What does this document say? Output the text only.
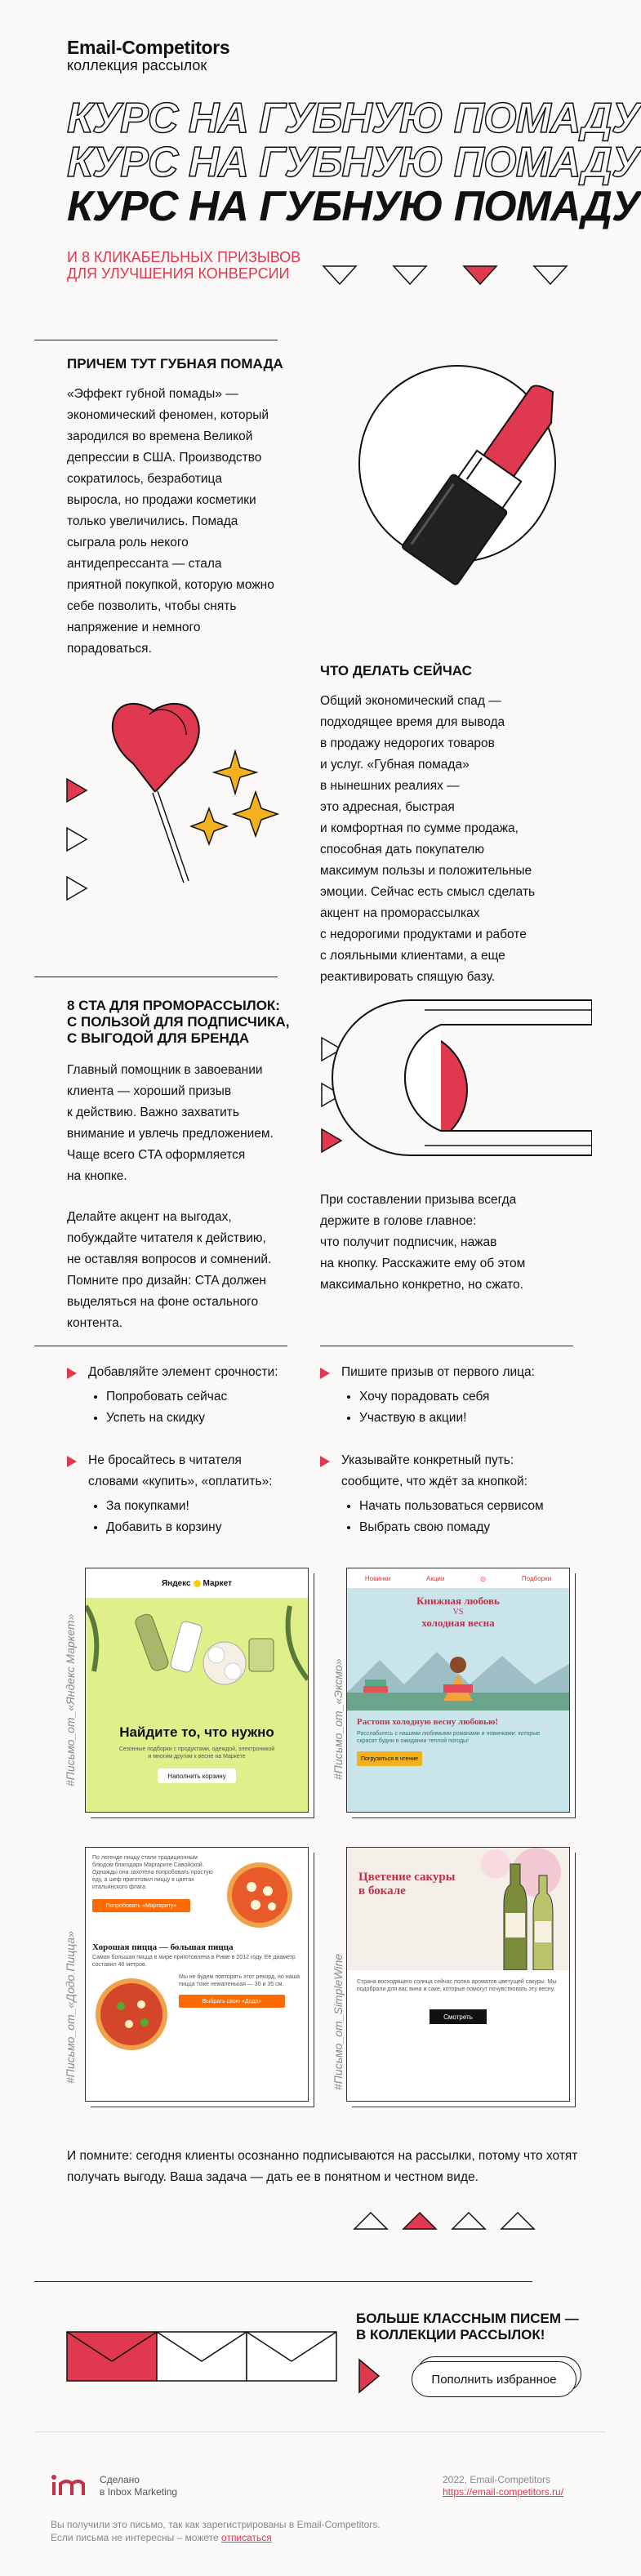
Email-Competitors
коллекция рассылок
КУРС НА ГУБНУЮ ПОМАДУ
КУРС НА ГУБНУЮ ПОМАДУ
КУРС НА ГУБНУЮ ПОМАДУ
И 8 КЛИКАБЕЛЬНЫХ ПРИЗЫВОВ
ДЛЯ УЛУЧШЕНИЯ КОНВЕРСИИ
ПРИЧЕМ ТУТ ГУБНАЯ ПОМАДА
«Эффект губной помады» —
экономический феномен, который
зародился во времена Великой
депрессии в США. Производство
сократилось, безработица
выросла, но продажи косметики
только увеличились. Помада
сыграла роль некого
антидепрессанта — стала
приятной покупкой, которую можно
себе позволить, чтобы снять
напряжение и немного
порадоваться.
ЧТО ДЕЛАТЬ СЕЙЧАС
Общий экономический спад —
подходящее время для вывода
в продажу недорогих товаров
и услуг. «Губная помада»
в нынешних реалиях —
это адресная, быстрая
и комфортная по сумме продажа,
способная дать покупателю
максимум пользы и положительные
эмоции. Сейчас есть смысл сделать
акцент на проморассылках
с недорогими продуктами и работе
с лояльными клиентами, а еще
реактивировать спящую базу.
8 CTA ДЛЯ ПРОМОРАССЫЛОК:
С ПОЛЬЗОЙ ДЛЯ ПОДПИСЧИКА,
С ВЫГОДОЙ ДЛЯ БРЕНДА
Главный помощник в завоевании
клиента — хороший призыв
к действию. Важно захватить
внимание и увлечь предложением.
Чаще всего CTA оформляется
на кнопке.
Делайте акцент на выгодах,
побуждайте читателя к действию,
не оставляя вопросов и сомнений.
Помните про дизайн: CTA должен
выделяться на фоне остального
контента.
При составлении призыва всегда
держите в голове главное:
что получит подписчик, нажав
на кнопку. Расскажите ему об этом
максимально конкретно, но сжато.
Добавляйте элемент срочности:
• Попробовать сейчас
• Успеть на скидку
Пишите призыв от первого лица:
• Хочу порадовать себя
• Участвую в акции!
Не бросайтесь в читателя
словами «купить», «оплатить»:
• За покупками!
• Добавить в корзину
Указывайте конкретный путь:
сообщите, что ждёт за кнопкой:
• Начать пользоваться сервисом
• Выбрать свою помаду
#Письмо_от_«Яндекс Маркет»
Яндекс Маркет
Найдите то, что нужно
Сезонные подборки с продуктами, одеждой, электроникой и многим другим к весне на Маркете
Наполнить корзину	#Письмо_от_«Эксмо»
Новинки	Акции	◎	Подборки
Книжная любовь
VS
холодная весна
Растопи холодную весну любовью!
Расслабьтесь с нашими любимыми романами и новинками: которые скрасят будни в ожидании теплой погоды!
Погрузиться в чтение
#Письмо_от_«Додо Пицца»
По легенде пиццу стали традиционным блюдом благодаря Маргарите Савойской. Однажды она захотела попробовать простую еду, а шеф приготовил пиццу в цветах итальянского флага.
Попробовать «Маргариту»
Хорошая пицца — большая пицца
Самая большая пицца в мире приготовлена в Риме в 2012 году. Её диаметр составил 40 метров.
Мы не будем повторять этот рекорд, но наша пицца тоже немаленькая — 30 и 35 см.
Выбрать свою «Додо»	#Письмо_от_SimpleWine
Цветение сакуры
в бокале
Страна восходящего солнца сейчас полна ароматов цветущей сакуры. Мы подобрали для вас вина и саке, которые помогут почувствовать эту весну.
Смотреть
И помните: сегодня клиенты осознанно подписываются на рассылки, потому что хотят
получать выгоду. Ваша задача — дать ее в понятном и честном виде.
БОЛЬШЕ КЛАССНЫМ ПИСЕМ —
В КОЛЛЕКЦИИ РАССЫЛОК!
Пополнить избранное
Сделано
в Inbox Marketing
2022, Email-Competitors
https://email-competitors.ru/
Вы получили это письмо, так как зарегистрированы в Email-Competitors.
Если письма не интересны – можете отписаться
